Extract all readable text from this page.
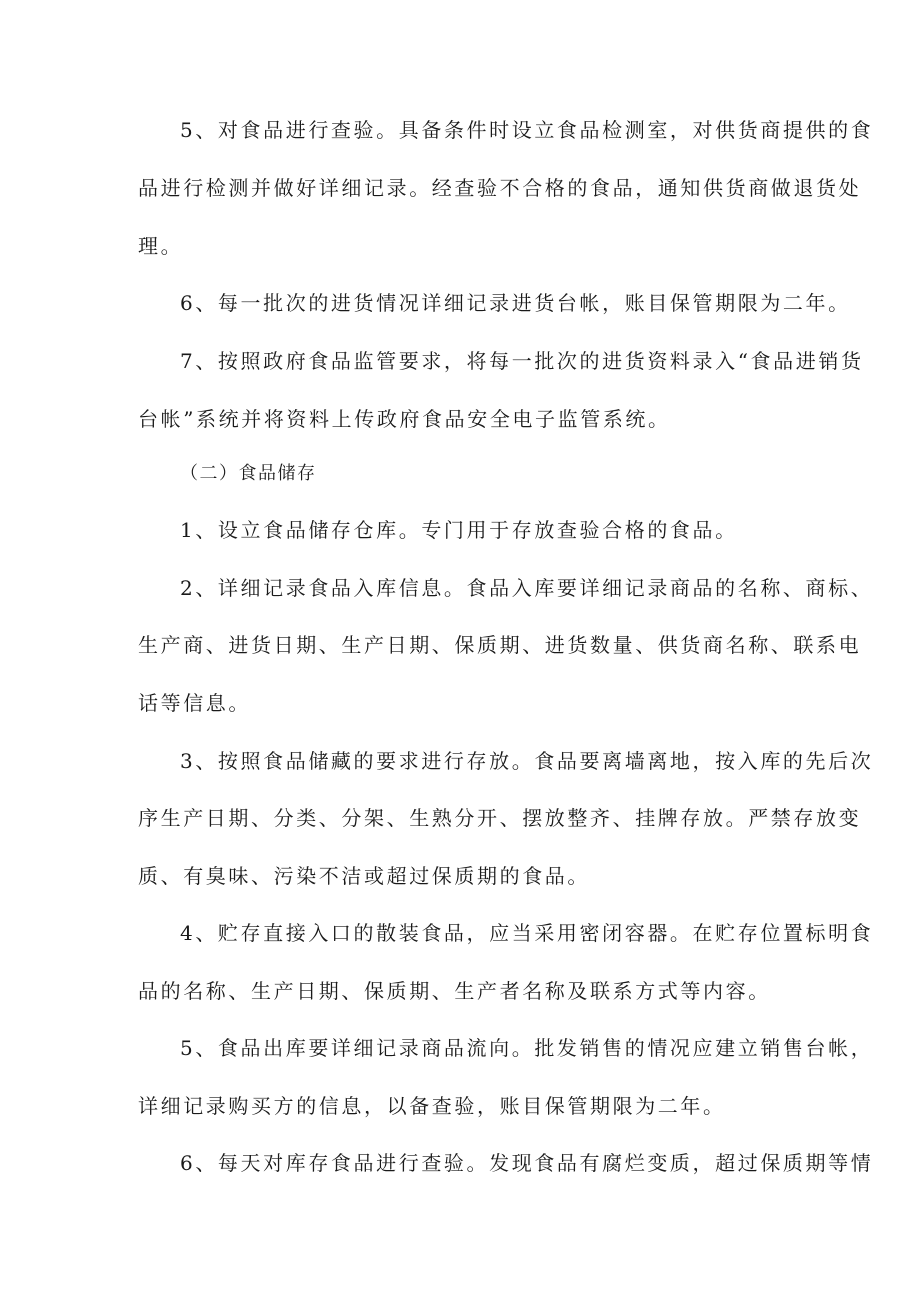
5、对食品进行查验。具备条件时设立食品检测室，对供货商提供的食
品进行检测并做好详细记录。经查验不合格的食品，通知供货商做退货处
理。
6、每一批次的进货情况详细记录进货台帐，账目保管期限为二年。
7、按照政府食品监管要求，将每一批次的进货资料录入“食品进销货
台帐”系统并将资料上传政府食品安全电子监管系统。
（二）食品储存
1、设立食品储存仓库。专门用于存放查验合格的食品。
2、详细记录食品入库信息。食品入库要详细记录商品的名称、商标、
生产商、进货日期、生产日期、保质期、进货数量、供货商名称、联系电
话等信息。
3、按照食品储藏的要求进行存放。食品要离墙离地，按入库的先后次
序生产日期、分类、分架、生熟分开、摆放整齐、挂牌存放。严禁存放变
质、有臭味、污染不洁或超过保质期的食品。
4、贮存直接入口的散装食品，应当采用密闭容器。在贮存位置标明食
品的名称、生产日期、保质期、生产者名称及联系方式等内容。
5、食品出库要详细记录商品流向。批发销售的情况应建立销售台帐，
详细记录购买方的信息，以备查验，账目保管期限为二年。
6、每天对库存食品进行查验。发现食品有腐烂变质，超过保质期等情
